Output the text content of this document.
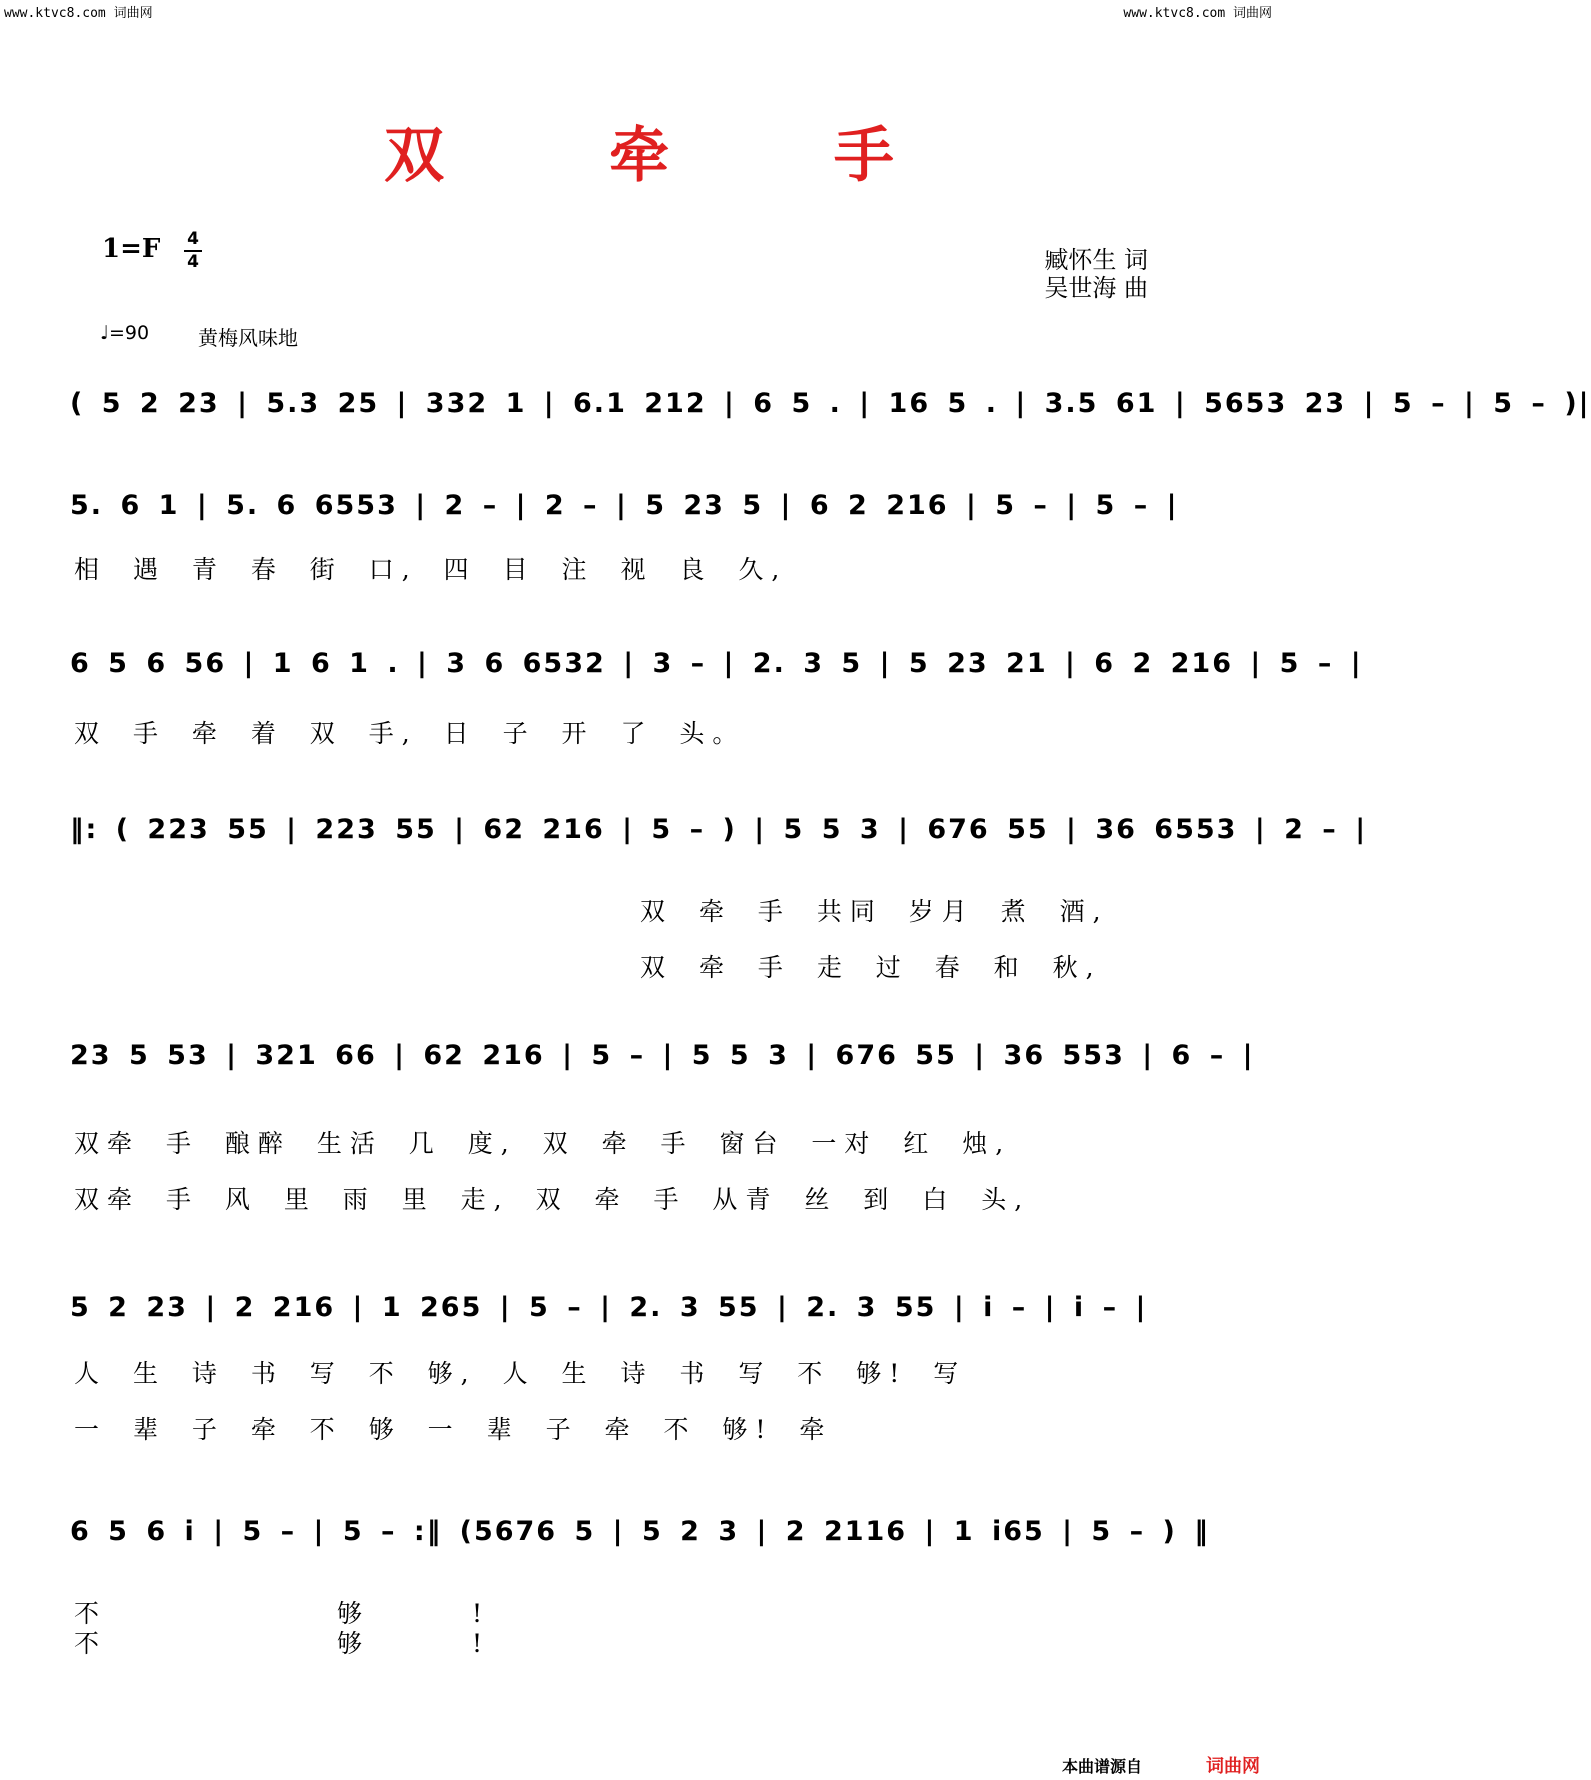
www.ktvc8.com 词曲网	www.ktvc8.com 词曲网
双 牵 手
1=F 4
4	臧怀生 词
吴世海 曲
♩=90 黄梅风味地
( 5 2 23 | 5.3 25 | 332 1 | 6.1 212 | 6 5 . | 16 5 . | 3.5 61 | 5653 23 | 5 – | 5 – )|
5. 6 1 | 5. 6 6553 | 2 – | 2 – | 5 23 5 | 6 2 216 | 5 – | 5 – |
相 遇 青 春 街 口, 四 目 注 视 良 久,
6 5 6 56 | 1 6 1 . | 3 6 6532 | 3 – | 2. 3 5 | 5 23 21 | 6 2 216 | 5 – |
双 手 牵 着 双 手, 日 子 开 了 头。
‖: ( 223 55 | 223 55 | 62 216 | 5 – ) | 5 5 3 | 676 55 | 36 6553 | 2 – |
双 牵 手 共同 岁月 煮 酒,
双 牵 手 走 过 春 和 秋,
23 5 53 | 321 66 | 62 216 | 5 – | 5 5 3 | 676 55 | 36 553 | 6 – |
双牵 手 酿醉 生活 几 度, 双 牵 手 窗台 一对 红 烛,
双牵 手 风 里 雨 里 走, 双 牵 手 从青 丝 到 白 头,
5 2 23 | 2 216 | 1 265 | 5 – | 2. 3 55 | 2. 3 55 | i – | i – |
人 生 诗 书 写 不 够, 人 生 诗 书 写 不 够! 写
一 辈 子 牵 不 够 一 辈 子 牵 不 够! 牵
6 5 6 i | 5 – | 5 – :‖ (5676 5 | 5 2 3 | 2 2116 | 1 i65 | 5 – ) ‖
不 够!
不 够!
本曲谱源自	词曲网
